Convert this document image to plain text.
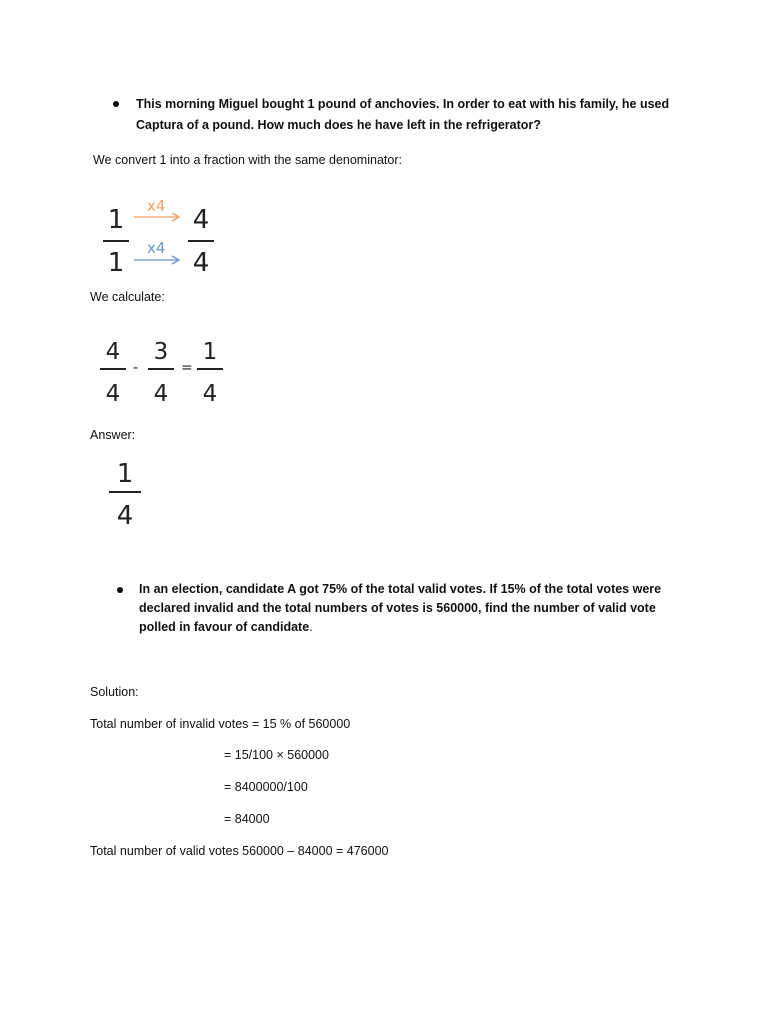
This morning Miguel bought 1 pound of anchovies. In order to eat with his family, he used Captura of a pound. How much does he have left in the refrigerator?
We convert 1 into a fraction with the same denominator:
1
1
x4
x4
4
4
We calculate:
4
4
-
3
4
=
1
4
Answer:
1
4
In an election, candidate A got 75% of the total valid votes. If 15% of the total votes were declared invalid and the total numbers of votes is 560000, find the number of valid vote polled in favour of candidate.
Solution:
Total number of invalid votes = 15 % of 560000
= 15/100 × 560000
= 8400000/100
= 84000
Total number of valid votes 560000 – 84000 = 476000
